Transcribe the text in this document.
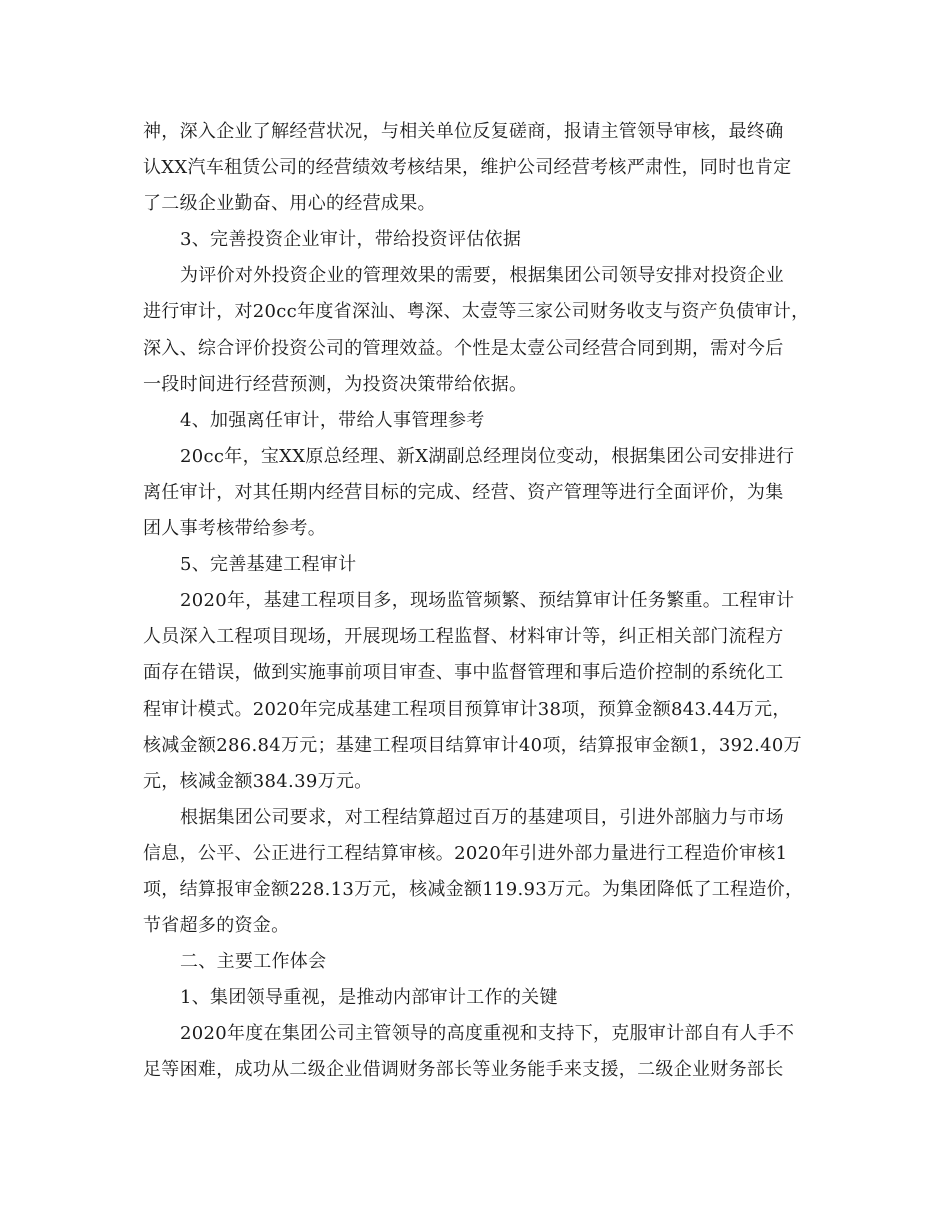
神，深入企业了解经营状况，与相关单位反复磋商，报请主管领导审核，最终确
认XX汽车租赁公司的经营绩效考核结果，维护公司经营考核严肃性，同时也肯定
了二级企业勤奋、用心的经营成果。
3、完善投资企业审计，带给投资评估依据
为评价对外投资企业的管理效果的需要，根据集团公司领导安排对投资企业
进行审计，对20cc年度省深汕、粤深、太壹等三家公司财务收支与资产负债审计，
深入、综合评价投资公司的管理效益。个性是太壹公司经营合同到期，需对今后
一段时间进行经营预测，为投资决策带给依据。
4、加强离任审计，带给人事管理参考
20cc年，宝XX原总经理、新X湖副总经理岗位变动，根据集团公司安排进行
离任审计，对其任期内经营目标的完成、经营、资产管理等进行全面评价，为集
团人事考核带给参考。
5、完善基建工程审计
2020年，基建工程项目多，现场监管频繁、预结算审计任务繁重。工程审计
人员深入工程项目现场，开展现场工程监督、材料审计等，纠正相关部门流程方
面存在错误，做到实施事前项目审查、事中监督管理和事后造价控制的系统化工
程审计模式。2020年完成基建工程项目预算审计38项，预算金额843.44万元，
核减金额286.84万元；基建工程项目结算审计40项，结算报审金额1，392.40万
元，核减金额384.39万元。
根据集团公司要求，对工程结算超过百万的基建项目，引进外部脑力与市场
信息，公平、公正进行工程结算审核。2020年引进外部力量进行工程造价审核1
项，结算报审金额228.13万元，核减金额119.93万元。为集团降低了工程造价，
节省超多的资金。
二、主要工作体会
1、集团领导重视，是推动内部审计工作的关键
2020年度在集团公司主管领导的高度重视和支持下，克服审计部自有人手不
足等困难，成功从二级企业借调财务部长等业务能手来支援，二级企业财务部长
